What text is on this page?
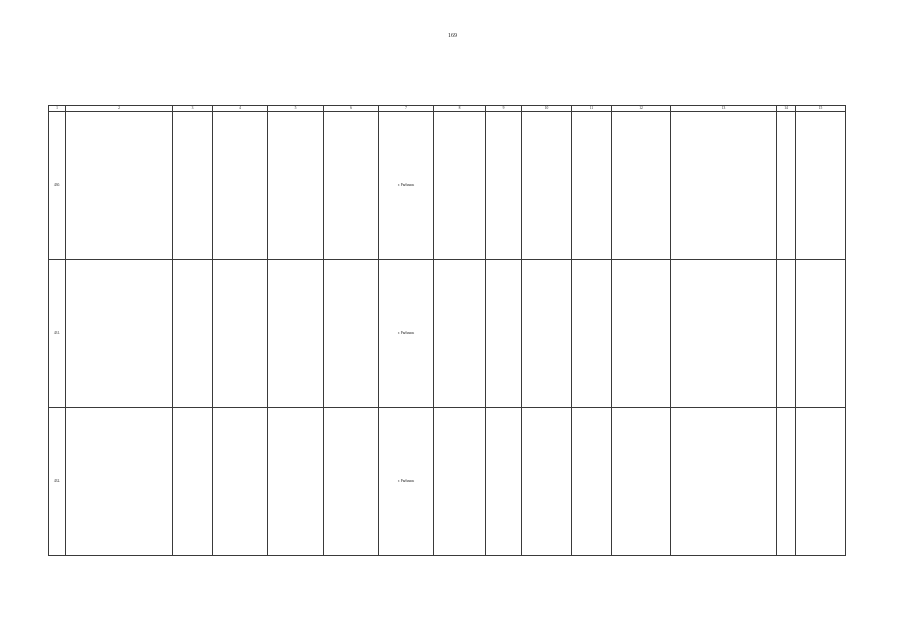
169
1	2	3	4	5	6	7	8	9	10	11	12	13	14	15
430.						г. Рыбинск								
431.						г. Рыбинск								
432.						г. Рыбинск								
